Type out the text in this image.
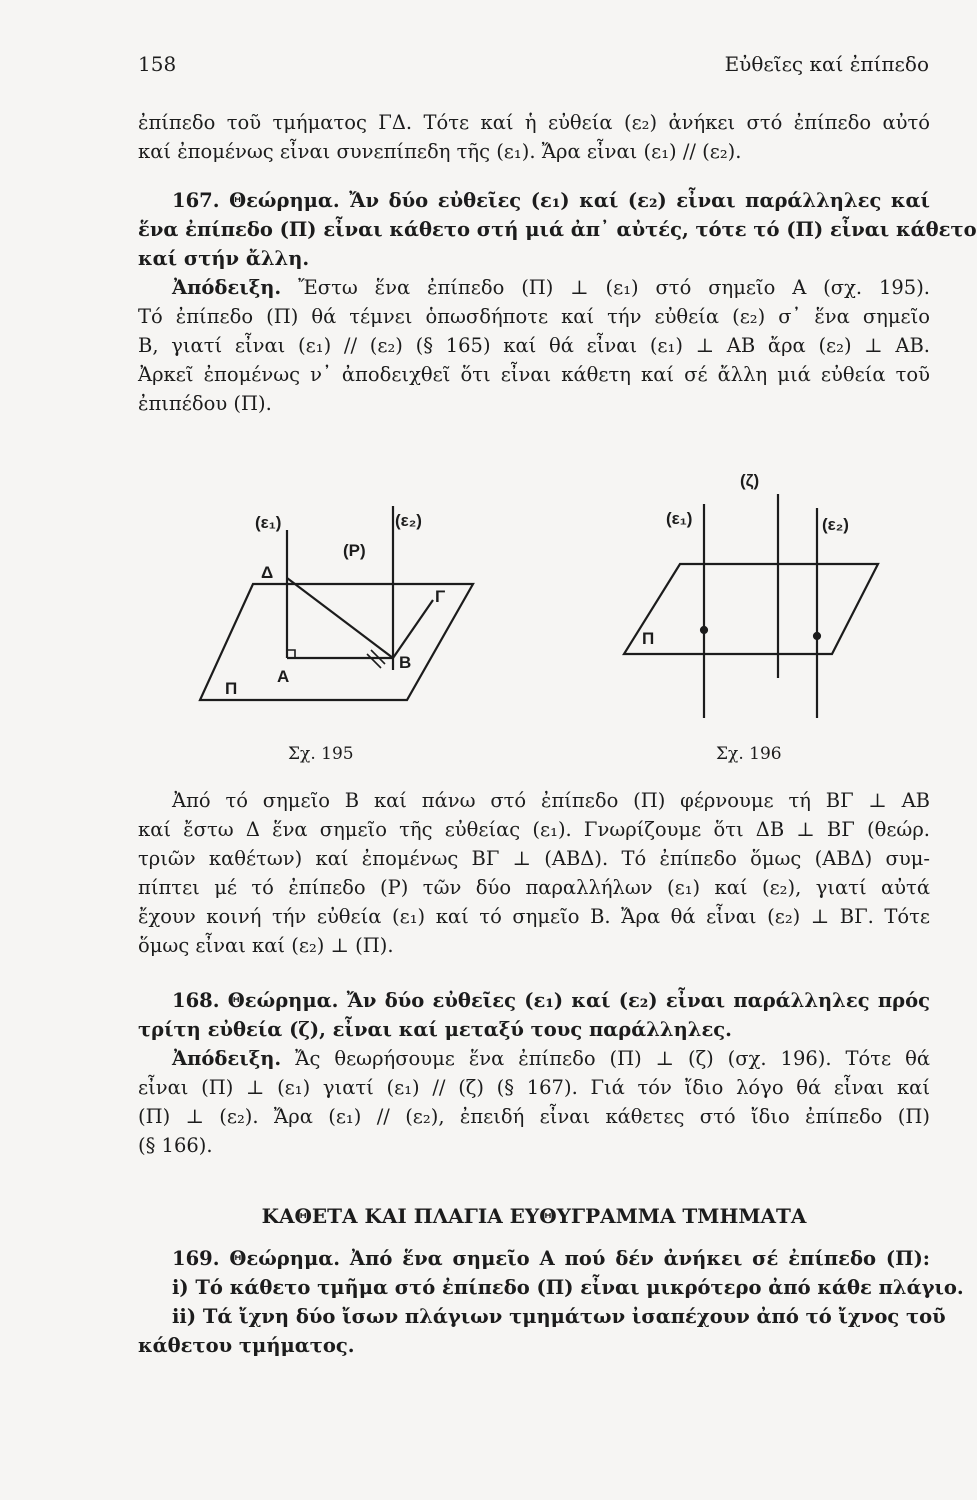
158	Εὐθεῖες καί ἐπίπεδο
ἐπίπεδο τοῦ τμήματος ΓΔ. Τότε καί ἡ εὐθεία (ε₂) ἀνήκει στό ἐπίπεδο αὐτό
καί ἐπομένως εἶναι συνεπίπεδη τῆς (ε₁). Ἄρα εἶναι (ε₁) // (ε₂).
167. Θεώρημα. Ἄν δύο εὐθεῖες (ε₁) καί (ε₂) εἶναι παράλληλες καί
ἕνα ἐπίπεδο (Π) εἶναι κάθετο στή μιά ἀπ᾽ αὐτές, τότε τό (Π) εἶναι κάθετο
καί στήν ἄλλη.
Ἀπόδειξη. Ἔστω ἕνα ἐπίπεδο (Π) ⊥ (ε₁) στό σημεῖο Α (σχ. 195).
Τό ἐπίπεδο (Π) θά τέμνει ὁπωσδήποτε καί τήν εὐθεία (ε₂) σ᾽ ἕνα σημεῖο
Β, γιατί εἶναι (ε₁) // (ε₂) (§ 165) καί θά εἶναι (ε₁) ⊥ ΑΒ ἄρα (ε₂) ⊥ ΑΒ.
Ἀρκεῖ ἐπομένως ν᾽ ἀποδειχθεῖ ὅτι εἶναι κάθετη καί σέ ἄλλη μιά εὐθεία τοῦ
ἐπιπέδου (Π).
(ε₁)	(ε₂)
(Ρ)
Δ
Γ
Α
Β
Π
Σχ. 195
(ζ)
(ε₁)	(ε₂)
Π
Σχ. 196
Ἀπό τό σημεῖο Β καί πάνω στό ἐπίπεδο (Π) φέρνουμε τή ΒΓ ⊥ ΑΒ
καί ἔστω Δ ἕνα σημεῖο τῆς εὐθείας (ε₁). Γνωρίζουμε ὅτι ΔΒ ⊥ ΒΓ (θεώρ.
τριῶν καθέτων) καί ἐπομένως ΒΓ ⊥ (ΑΒΔ). Τό ἐπίπεδο ὅμως (ΑΒΔ) συμ-
πίπτει μέ τό ἐπίπεδο (Ρ) τῶν δύο παραλλήλων (ε₁) καί (ε₂), γιατί αὐτά
ἔχουν κοινή τήν εὐθεία (ε₁) καί τό σημεῖο Β. Ἄρα θά εἶναι (ε₂) ⊥ ΒΓ. Τότε
ὅμως εἶναι καί (ε₂) ⊥ (Π).
168. Θεώρημα. Ἄν δύο εὐθεῖες (ε₁) καί (ε₂) εἶναι παράλληλες πρός
τρίτη εὐθεία (ζ), εἶναι καί μεταξύ τους παράλληλες.
Ἀπόδειξη. Ἄς θεωρήσουμε ἕνα ἐπίπεδο (Π) ⊥ (ζ) (σχ. 196). Τότε θά
εἶναι (Π) ⊥ (ε₁) γιατί (ε₁) // (ζ) (§ 167). Γιά τόν ἴδιο λόγο θά εἶναι καί
(Π) ⊥ (ε₂). Ἄρα (ε₁) // (ε₂), ἐπειδή εἶναι κάθετες στό ἴδιο ἐπίπεδο (Π)
(§ 166).
ΚΑΘΕΤΑ ΚΑΙ ΠΛΑΓΙΑ ΕΥΘΥΓΡΑΜΜΑ ΤΜΗΜΑΤΑ
169. Θεώρημα. Ἀπό ἕνα σημεῖο Α πού δέν ἀνήκει σέ ἐπίπεδο (Π):
i) Τό κάθετο τμῆμα στό ἐπίπεδο (Π) εἶναι μικρότερο ἀπό κάθε πλάγιο.
ii) Τά ἴχνη δύο ἴσων πλάγιων τμημάτων ἰσαπέχουν ἀπό τό ἴχνος τοῦ
κάθετου τμήματος.
